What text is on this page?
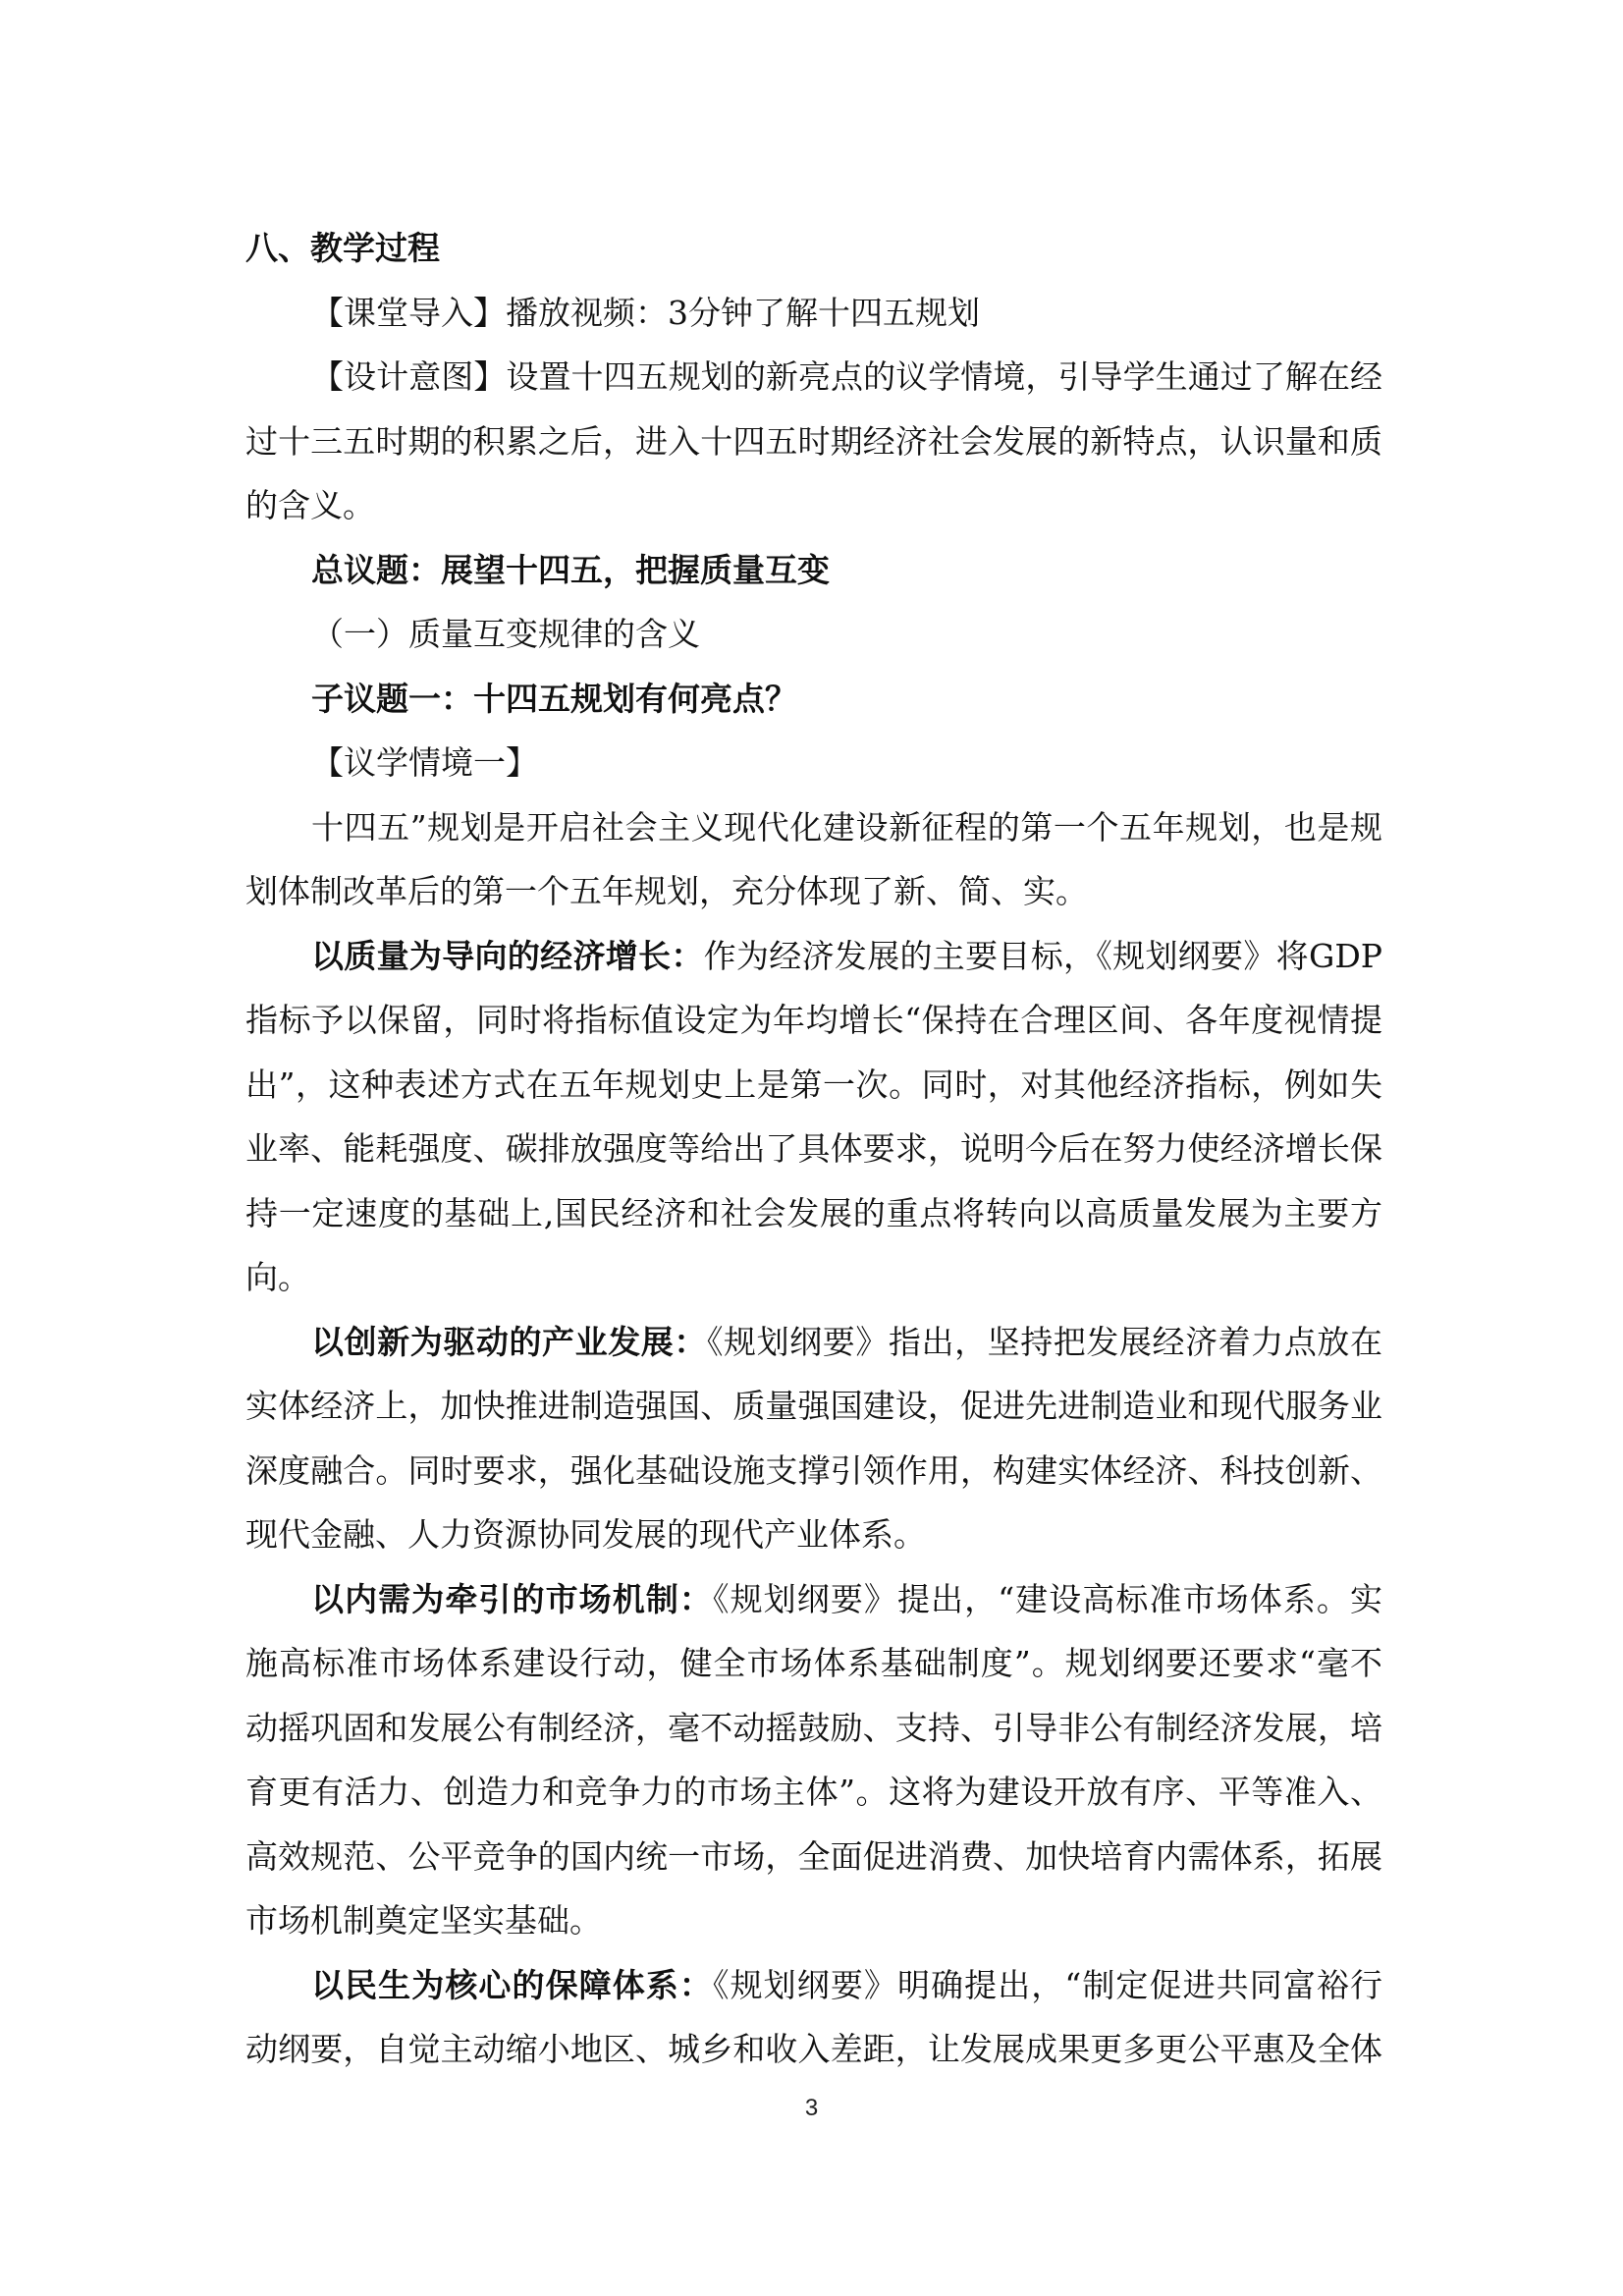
八、教学过程
【课堂导入】播放视频：3分钟了解十四五规划
【设计意图】设置十四五规划的新亮点的议学情境，引导学生通过了解在经
过十三五时期的积累之后，进入十四五时期经济社会发展的新特点，认识量和质
的含义。
总议题：展望十四五，把握质量互变
（一）质量互变规律的含义
子议题一：十四五规划有何亮点？
【议学情境一】
十四五”规划是开启社会主义现代化建设新征程的第一个五年规划，也是规
划体制改革后的第一个五年规划，充分体现了新、简、实。
以质量为导向的经济增长：作为经济发展的主要目标，《规划纲要》将GDP
指标予以保留，同时将指标值设定为年均增长“保持在合理区间、各年度视情提
出”，这种表述方式在五年规划史上是第一次。同时，对其他经济指标，例如失
业率、能耗强度、碳排放强度等给出了具体要求，说明今后在努力使经济增长保
持一定速度的基础上,国民经济和社会发展的重点将转向以高质量发展为主要方
向。
以创新为驱动的产业发展：《规划纲要》指出，坚持把发展经济着力点放在
实体经济上，加快推进制造强国、质量强国建设，促进先进制造业和现代服务业
深度融合。同时要求，强化基础设施支撑引领作用，构建实体经济、科技创新、
现代金融、人力资源协同发展的现代产业体系。
以内需为牵引的市场机制：《规划纲要》提出，“建设高标准市场体系。实
施高标准市场体系建设行动，健全市场体系基础制度”。规划纲要还要求“毫不
动摇巩固和发展公有制经济，毫不动摇鼓励、支持、引导非公有制经济发展，培
育更有活力、创造力和竞争力的市场主体”。这将为建设开放有序、平等准入、
高效规范、公平竞争的国内统一市场，全面促进消费、加快培育内需体系，拓展
市场机制奠定坚实基础。
以民生为核心的保障体系：《规划纲要》明确提出，“制定促进共同富裕行
动纲要，自觉主动缩小地区、城乡和收入差距，让发展成果更多更公平惠及全体
3
